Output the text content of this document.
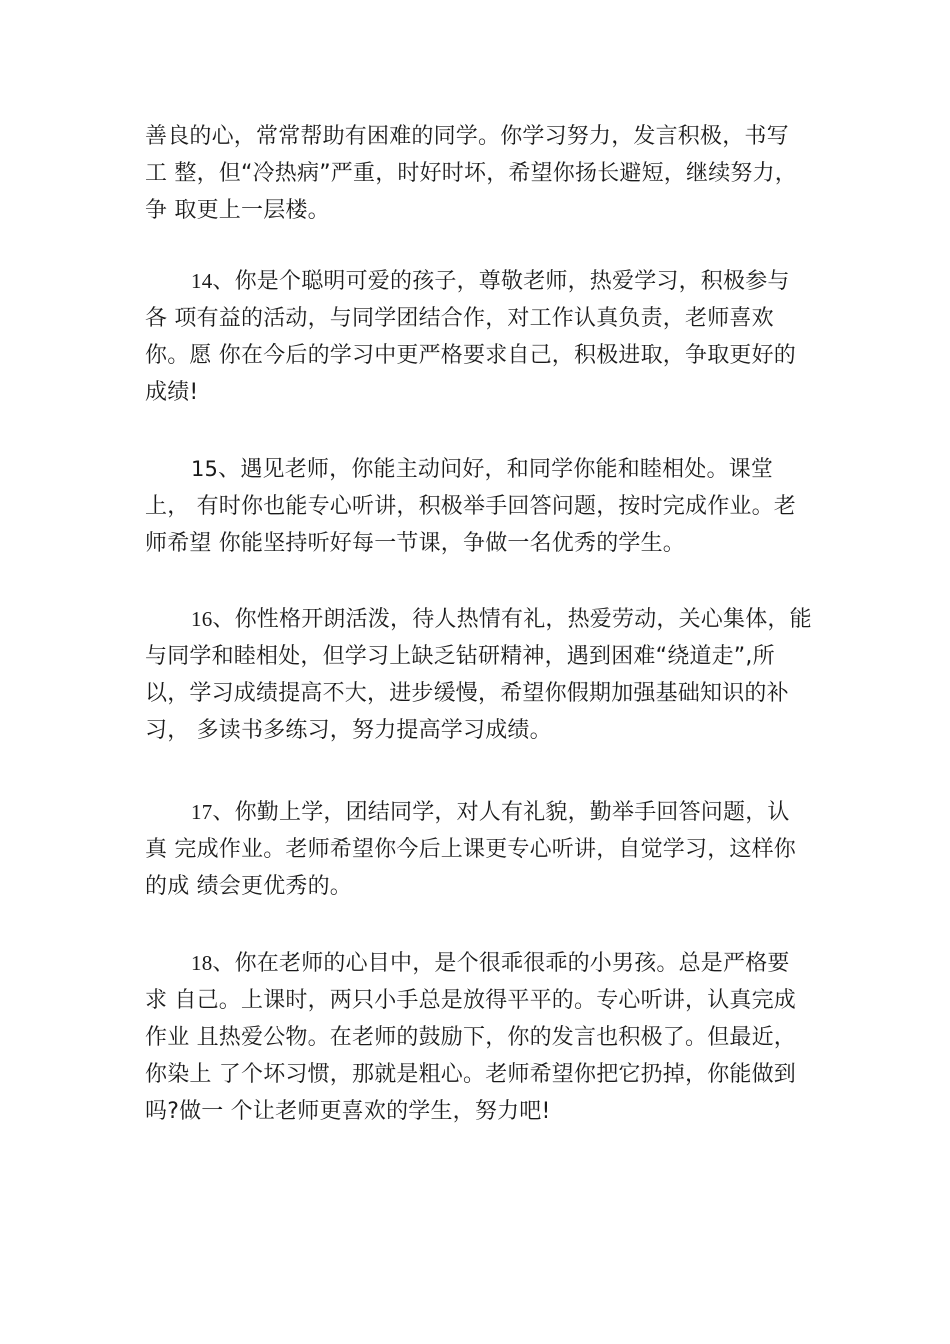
善良的心，常常帮助有困难的同学。你学习努力，发言积极，书写
工 整，但“冷热病”严重，时好时坏，希望你扬长避短，继续努力，
争 取更上一层楼。
14、你是个聪明可爱的孩子，尊敬老师，热爱学习，积极参与
各 项有益的活动，与同学团结合作，对工作认真负责，老师喜欢
你。愿 你在今后的学习中更严格要求自己，积极进取，争取更好的
成绩!
15、遇见老师，你能主动问好，和同学你能和睦相处。课堂
上， 有时你也能专心听讲，积极举手回答问题，按时完成作业。老
师希望 你能坚持听好每一节课，争做一名优秀的学生。
16、你性格开朗活泼，待人热情有礼，热爱劳动，关心集体，能
与同学和睦相处，但学习上缺乏钻研精神，遇到困难“绕道走”,所
以，学习成绩提高不大，进步缓慢，希望你假期加强基础知识的补
习， 多读书多练习，努力提高学习成绩。
17、你勤上学，团结同学，对人有礼貌，勤举手回答问题，认
真 完成作业。老师希望你今后上课更专心听讲，自觉学习，这样你
的成 绩会更优秀的。
18、你在老师的心目中，是个很乖很乖的小男孩。总是严格要
求 自己。上课时，两只小手总是放得平平的。专心听讲，认真完成
作业 且热爱公物。在老师的鼓励下，你的发言也积极了。但最近，
你染上 了个坏习惯，那就是粗心。老师希望你把它扔掉，你能做到
吗?做一 个让老师更喜欢的学生，努力吧!
